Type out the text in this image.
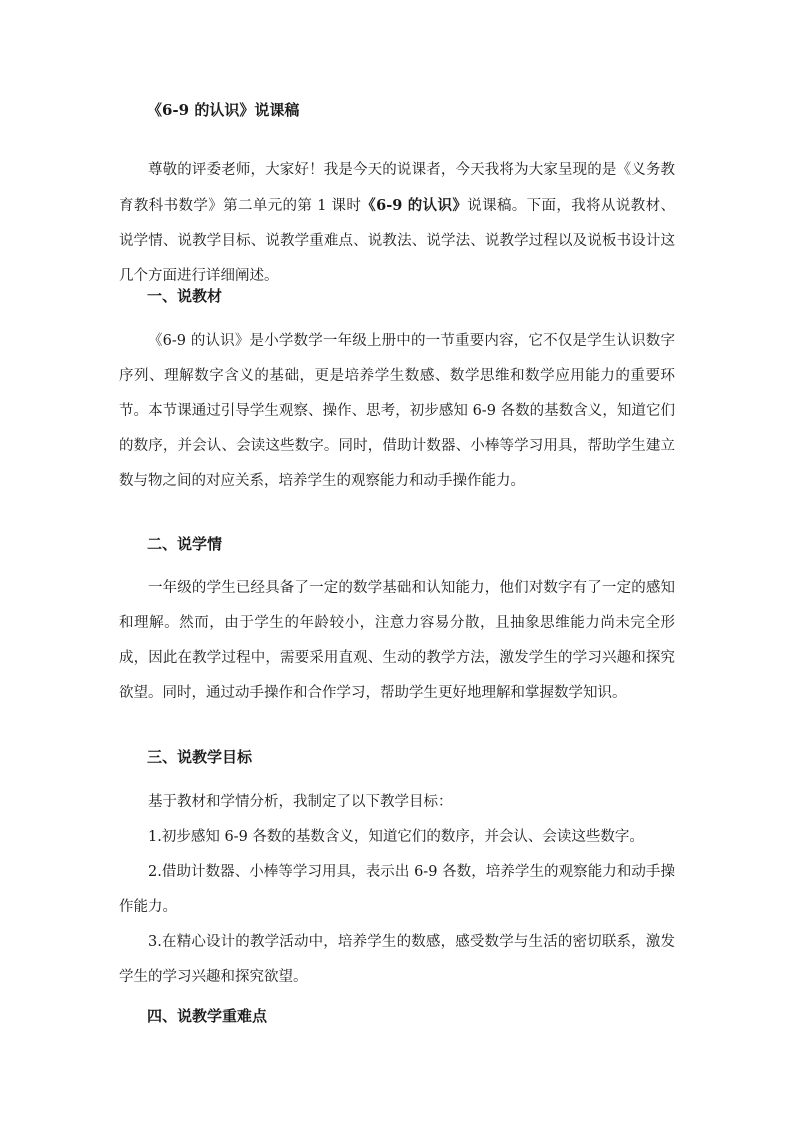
《6-9 的认识》说课稿

尊敬的评委老师，大家好！我是今天的说课者，今天我将为大家呈现的是《义务教育教科书数学》第二单元的第 1 课时《6-9 的认识》说课稿。下面，我将从说教材、说学情、说教学目标、说教学重难点、说教法、说学法、说教学过程以及说板书设计这几个方面进行详细阐述。

一、说教材

《6-9 的认识》是小学数学一年级上册中的一节重要内容，它不仅是学生认识数字序列、理解数字含义的基础，更是培养学生数感、数学思维和数学应用能力的重要环节。本节课通过引导学生观察、操作、思考，初步感知 6-9 各数的基数含义，知道它们的数序，并会认、会读这些数字。同时，借助计数器、小棒等学习用具，帮助学生建立数与物之间的对应关系，培养学生的观察能力和动手操作能力。

二、说学情

一年级的学生已经具备了一定的数学基础和认知能力，他们对数字有了一定的感知和理解。然而，由于学生的年龄较小，注意力容易分散，且抽象思维能力尚未完全形成，因此在教学过程中，需要采用直观、生动的教学方法，激发学生的学习兴趣和探究欲望。同时，通过动手操作和合作学习，帮助学生更好地理解和掌握数学知识。

三、说教学目标

基于教材和学情分析，我制定了以下教学目标：

1.初步感知 6-9 各数的基数含义，知道它们的数序，并会认、会读这些数字。

2.借助计数器、小棒等学习用具，表示出 6-9 各数，培养学生的观察能力和动手操作能力。

3.在精心设计的教学活动中，培养学生的数感，感受数学与生活的密切联系，激发学生的学习兴趣和探究欲望。

四、说教学重难点
